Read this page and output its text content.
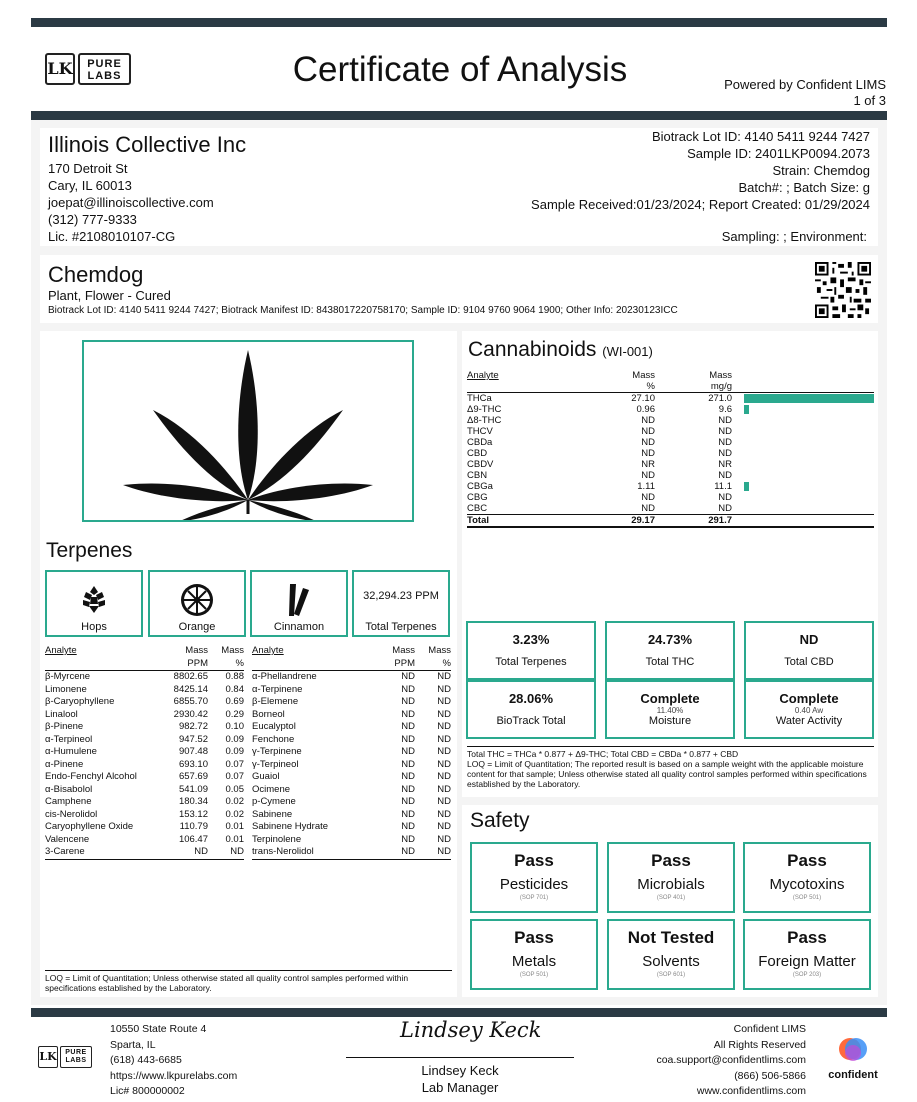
LK	PURE
LABS	Certificate of Analysis	Powered by Confident LIMS
1 of 3
Illinois Collective Inc
170 Detroit St
Cary, IL 60013
joepat@illinoiscollective.com
(312) 777-9333
Lic. #2108010107-CG
Biotrack Lot ID: 4140 5411 9244 7427
Sample ID: 2401LKP0094.2073
Strain: Chemdog
Batch#: ; Batch Size: g
Sample Received:01/23/2024; Report Created: 01/29/2024
Sampling: ; Environment:
Chemdog
Plant, Flower - Cured
Biotrack Lot ID: 4140 5411 9244 7427; Biotrack Manifest ID: 8438017220758170; Sample ID: 9104 9760 9064 1900; Other Info: 20230123ICC
Cannabinoids (WI-001)
Analyte	Mass	Mass	
	%	mg/g	
THCa	27.10	271.0	

Δ9-THC	0.96	9.6	

Δ8-THC	ND	ND	
THCV	ND	ND	
CBDa	ND	ND	
CBD	ND	ND	
CBDV	NR	NR	
CBN	ND	ND	
CBGa	1.11	11.1	

CBG	ND	ND	
CBC	ND	ND	
Total	29.17	291.7	
3.23%
Total Terpenes
24.73%
Total THC
ND
Total CBD
28.06%
BioTrack Total
Complete
11.40%
Moisture
Complete
0.40 Aw
Water Activity
Total THC = THCa * 0.877 + Δ9-THC; Total CBD = CBDa * 0.877 + CBD
LOQ = Limit of Quantitation; The reported result is based on a sample weight with the applicable moisture content for that sample; Unless otherwise stated all quality control samples performed within specifications established by the Laboratory.
Terpenes
Hops	Orange	Cinnamon
32,294.23 PPM
Total Terpenes
Analyte	Mass	Mass
	PPM	%
β-Myrcene	8802.65	0.88
Limonene	8425.14	0.84
β-Caryophyllene	6855.70	0.69
Linalool	2930.42	0.29
β-Pinene	982.72	0.10
α-Terpineol	947.52	0.09
α-Humulene	907.48	0.09
α-Pinene	693.10	0.07
Endo-Fenchyl Alcohol	657.69	0.07
α-Bisabolol	541.09	0.05
Camphene	180.34	0.02
cis-Nerolidol	153.12	0.02
Caryophyllene Oxide	110.79	0.01
Valencene	106.47	0.01
3-Carene	ND	ND
Analyte	Mass	Mass
	PPM	%
α-Phellandrene	ND	ND
α-Terpinene	ND	ND
β-Elemene	ND	ND
Borneol	ND	ND
Eucalyptol	ND	ND
Fenchone	ND	ND
γ-Terpinene	ND	ND
γ-Terpineol	ND	ND
Guaiol	ND	ND
Ocimene	ND	ND
p-Cymene	ND	ND
Sabinene	ND	ND
Sabinene Hydrate	ND	ND
Terpinolene	ND	ND
trans-Nerolidol	ND	ND
LOQ = Limit of Quantitation; Unless otherwise stated all quality control samples performed within specifications established by the Laboratory.
Safety
Pass
Pesticides
(SOP 701)
Pass
Microbials
(SOP 401)
Pass
Mycotoxins
(SOP 501)
Pass
Metals
(SOP 501)
Not Tested
Solvents
(SOP 601)
Pass
Foreign Matter
(SOP 203)
LK	PURE
LABS
10550 State Route 4
Sparta, IL
(618) 443-6685
https://www.lkpurelabs.com
Lic# 800000002
Lindsey Keck
Lindsey Keck
Lab Manager
Confident LIMS
All Rights Reserved
coa.support@confidentlims.com
(866) 506-5866
www.confidentlims.com
confident
